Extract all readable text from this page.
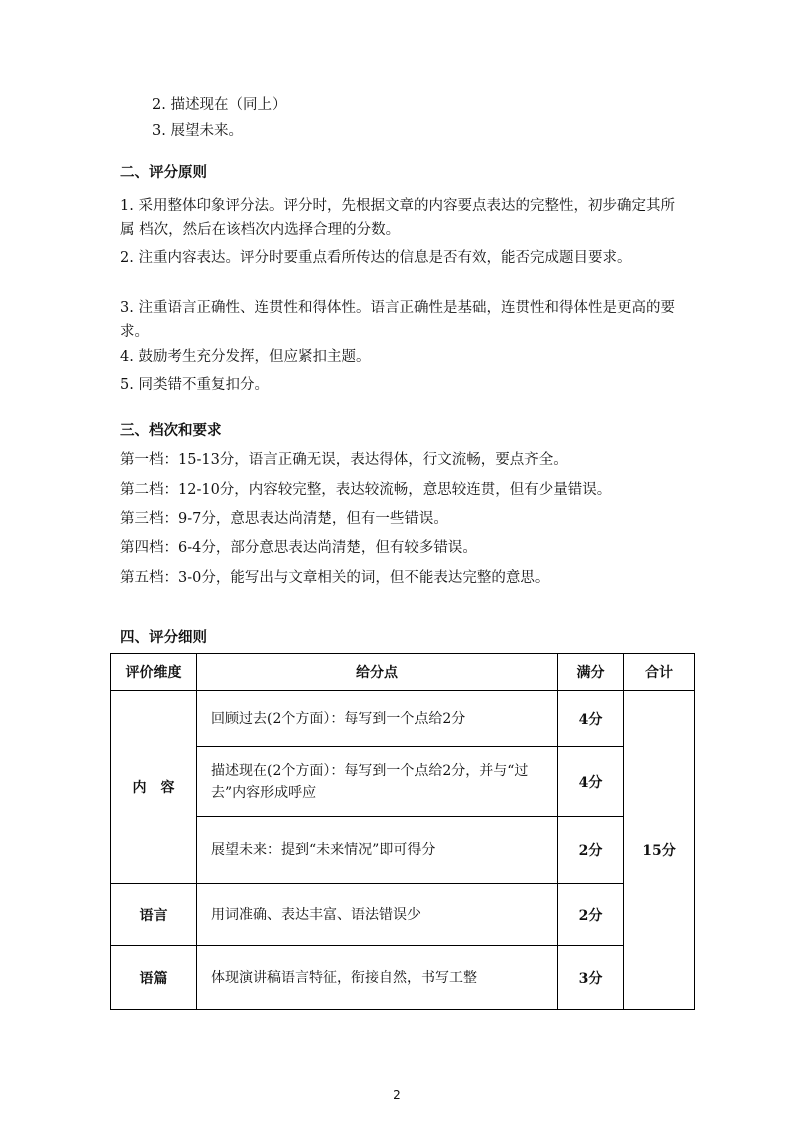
2. 描述现在（同上）
3. 展望未来。
二、评分原则
1. 采用整体印象评分法。评分时，先根据文章的内容要点表达的完整性，初步确定其所属 档次，然后在该档次内选择合理的分数。
2. 注重内容表达。评分时要重点看所传达的信息是否有效，能否完成题目要求。
3. 注重语言正确性、连贯性和得体性。语言正确性是基础，连贯性和得体性是更高的要求。
4. 鼓励考生充分发挥，但应紧扣主题。
5. 同类错不重复扣分。
三、档次和要求
第一档：15-13分，语言正确无误，表达得体，行文流畅，要点齐全。
第二档：12-10分，内容较完整，表达较流畅，意思较连贯，但有少量错误。
第三档：9-7分，意思表达尚清楚，但有一些错误。
第四档：6-4分，部分意思表达尚清楚，但有较多错误。
第五档：3-0分，能写出与文章相关的词，但不能表达完整的意思。
四、评分细则
评价维度	给分点	满分	合计
内　容	回顾过去(2个方面）：每写到一个点给2分	4分	15分
	描述现在(2个方面）：每写到一个点给2分，并与“过去”内容形成呼应	4分	
	展望未来：提到“未来情况”即可得分	2分	
语言	用词准确、表达丰富、语法错误少	2分	
语篇	体现演讲稿语言特征，衔接自然，书写工整	3分	
2
